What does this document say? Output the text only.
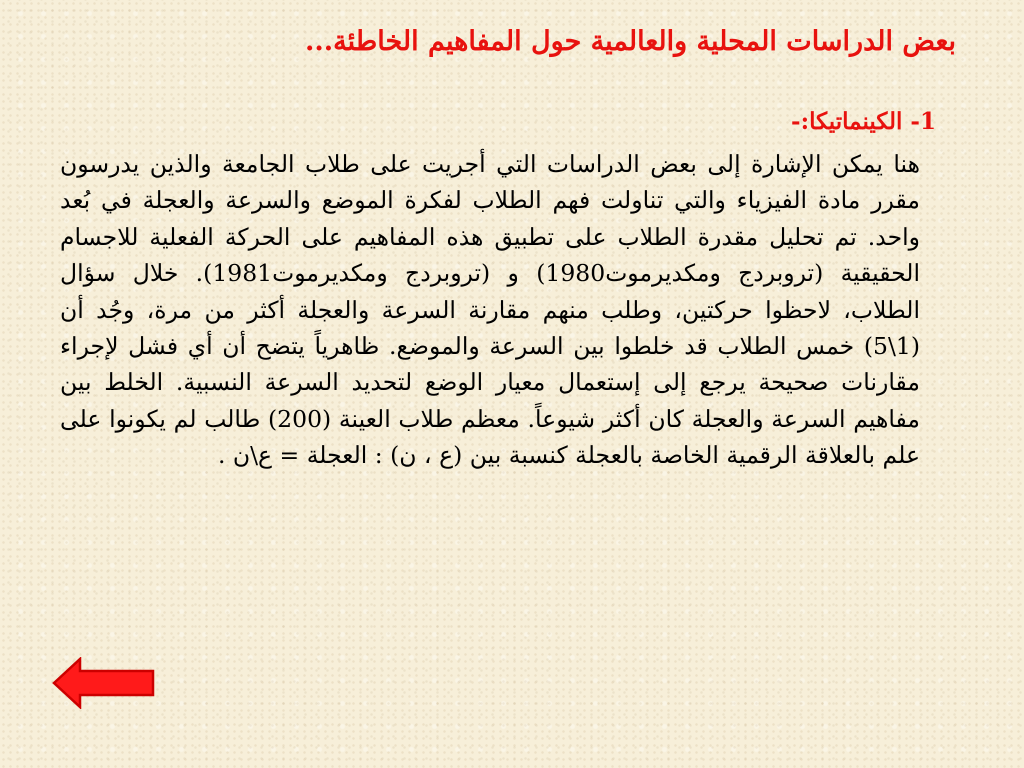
بعض الدراسات المحلية والعالمية حول المفاهيم الخاطئة...
1- الكينماتيكا:-

هنا يمكن الإشارة إلى بعض الدراسات التي أجريت على طلاب الجامعة والذين يدرسون مقرر مادة الفيزياء والتي تناولت فهم الطلاب لفكرة الموضع والسرعة والعجلة في بُعد واحد. تم تحليل مقدرة الطلاب على تطبيق هذه المفاهيم على الحركة الفعلية للاجسام الحقيقية (تروبردج ومكديرموت1980) و (تروبردج ومكديرموت1981). خلال سؤال الطلاب، لاحظوا حركتين، وطلب منهم مقارنة السرعة والعجلة أكثر من مرة، وجُد أن (1\5) خمس الطلاب قد خلطوا بين السرعة والموضع. ظاهرياً يتضح أن أي فشل لإجراء مقارنات صحيحة يرجع إلى إستعمال معيار الوضع لتحديد السرعة النسبية. الخلط بين مفاهيم السرعة والعجلة كان أكثر شيوعاً. معظم طلاب العينة (200) طالب لم يكونوا على علم بالعلاقة الرقمية الخاصة بالعجلة كنسبة بين (ع ، ن) : العجلة = ع\ن .
